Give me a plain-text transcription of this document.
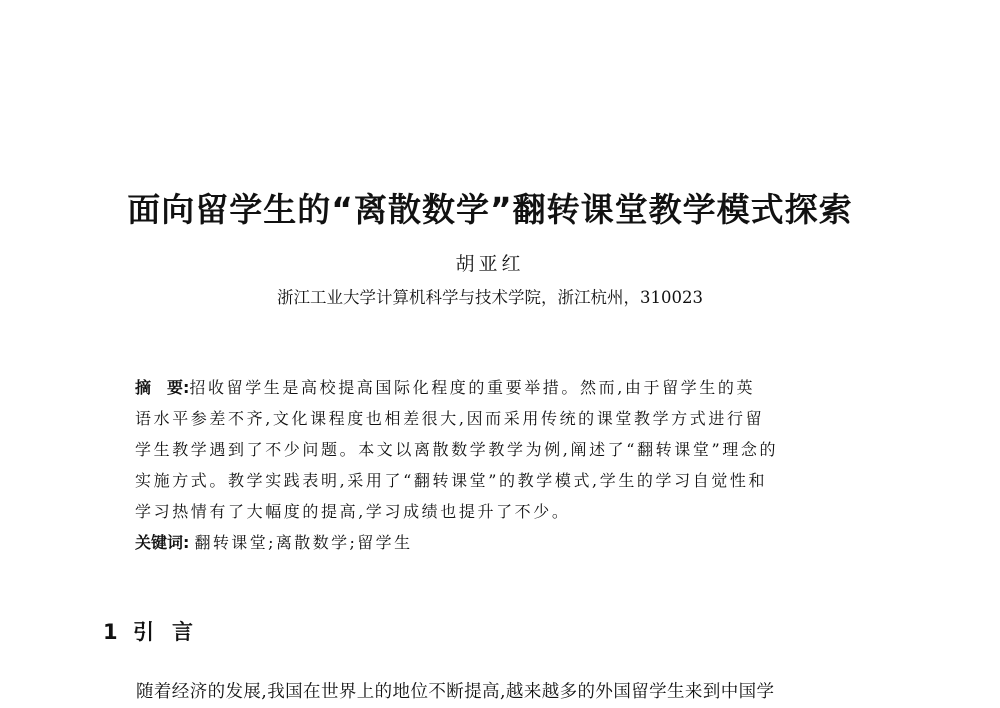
面向留学生的“离散数学”翻转课堂教学模式探索
胡亚红
浙江工业大学计算机科学与技术学院，浙江杭州，310023
摘　要:招收留学生是高校提高国际化程度的重要举措。然而,由于留学生的英
语水平参差不齐,文化课程度也相差很大,因而采用传统的课堂教学方式进行留
学生教学遇到了不少问题。本文以离散数学教学为例,阐述了“翻转课堂”理念的
实施方式。教学实践表明,采用了“翻转课堂”的教学模式,学生的学习自觉性和
学习热情有了大幅度的提高,学习成绩也提升了不少。
关键词: 翻转课堂;离散数学;留学生
1 引言
随着经济的发展,我国在世界上的地位不断提高,越来越多的外国留学生来到中国学
